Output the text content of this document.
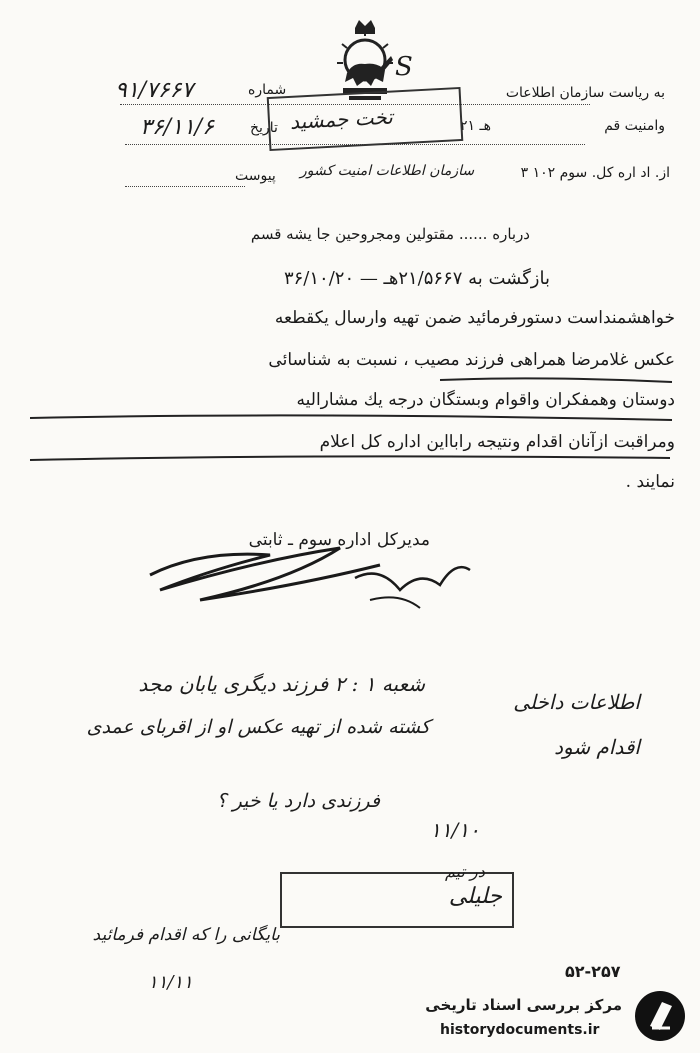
S
به ریاست سازمان اطلاعات
شماره
۹۱/۷۶۶۷
وامنیت قم
۲۱ هـ
تاریخ
۳۶/۱۱/۶
از. اد اره کل. سوم ۱۰۲ ۳
سازمان اطلاعات امنیت کشور
پیوست
تخت جمشید
درباره ...... مقتولین ومجروحین جا یشه قسم
بازگشت به ۲۱/۵۶۶۷هـ — ۳۶/۱۰/۲۰
خواهشمنداست دستورفرمائید ضمن تهیه وارسال یکقطعه
عکس غلامرضا همراهی فرزند مصیب ، نسبت به شناسائی
دوستان وهمفکران واقوام وبستگان درجه یك مشارالیه
ومراقبت ازآنان اقدام ونتیجه رابااین اداره کل اعلام
نمایند .
مدیرکل اداره سوم ـ ثابتی
شعبه ۱ : ۲ فرزند دیگری یابان مجد
کشته شده از تهیه عکس او از اقربای عمدی
فرزندی دارد یا خیر ؟
اطلاعات داخلی
اقدام شود
۱۱/۱۰
جلیلی
در تیم
بایگانی را که اقدام فرمائید
۱۱/۱۱
۵۲-۲۵۷
مرکز بررسی اسناد تاریخی
historydocuments.ir
